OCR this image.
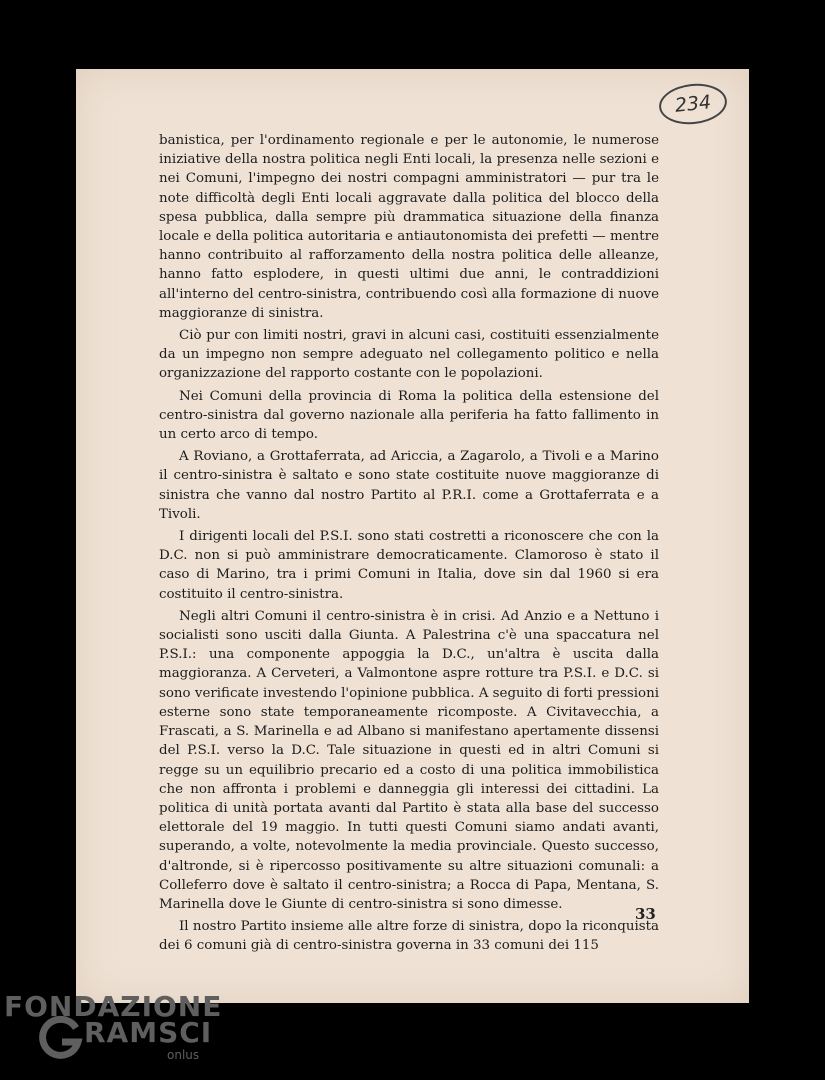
234

banistica, per l'ordinamento regionale e per le autonomie, le numerose iniziative della nostra politica negli Enti locali, la presenza nelle sezioni e nei Comuni, l'impegno dei nostri compagni amministratori — pur tra le note difficoltà degli Enti locali aggravate dalla politica del blocco della spesa pubblica, dalla sempre più drammatica situazione della finanza locale e della politica autoritaria e antiautonomista dei prefetti — mentre hanno contribuito al rafforzamento della nostra politica delle alleanze, hanno fatto esplodere, in questi ultimi due anni, le contraddizioni all'interno del centro-sinistra, contribuendo così alla formazione di nuove maggioranze di sinistra.

Ciò pur con limiti nostri, gravi in alcuni casi, costituiti essenzialmente da un impegno non sempre adeguato nel collegamento politico e nella organizzazione del rapporto costante con le popolazioni.

Nei Comuni della provincia di Roma la politica della estensione del centro-sinistra dal governo nazionale alla periferia ha fatto fallimento in un certo arco di tempo.

A Roviano, a Grottaferrata, ad Ariccia, a Zagarolo, a Tivoli e a Marino il centro-sinistra è saltato e sono state costituite nuove maggioranze di sinistra che vanno dal nostro Partito al P.R.I. come a Grottaferrata e a Tivoli.

I dirigenti locali del P.S.I. sono stati costretti a riconoscere che con la D.C. non si può amministrare democraticamente. Clamoroso è stato il caso di Marino, tra i primi Comuni in Italia, dove sin dal 1960 si era costituito il centro-sinistra.

Negli altri Comuni il centro-sinistra è in crisi. Ad Anzio e a Nettuno i socialisti sono usciti dalla Giunta. A Palestrina c'è una spaccatura nel P.S.I.: una componente appoggia la D.C., un'altra è uscita dalla maggioranza. A Cerveteri, a Valmontone aspre rotture tra P.S.I. e D.C. si sono verificate investendo l'opinione pubblica. A seguito di forti pressioni esterne sono state temporaneamente ricomposte. A Civitavecchia, a Frascati, a S. Marinella e ad Albano si manifestano apertamente dissensi del P.S.I. verso la D.C. Tale situazione in questi ed in altri Comuni si regge su un equilibrio precario ed a costo di una politica immobilistica che non affronta i problemi e danneggia gli interessi dei cittadini. La politica di unità portata avanti dal Partito è stata alla base del successo elettorale del 19 maggio. In tutti questi Comuni siamo andati avanti, superando, a volte, notevolmente la media provinciale. Questo successo, d'altronde, si è ripercosso positivamente su altre situazioni comunali: a Colleferro dove è saltato il centro-sinistra; a Rocca di Papa, Mentana, S. Marinella dove le Giunte di centro-sinistra si sono dimesse.

Il nostro Partito insieme alle altre forze di sinistra, dopo la riconquista dei 6 comuni già di centro-sinistra governa in 33 comuni dei 115

33
FONDAZIONE
RAMSCI
onlus
